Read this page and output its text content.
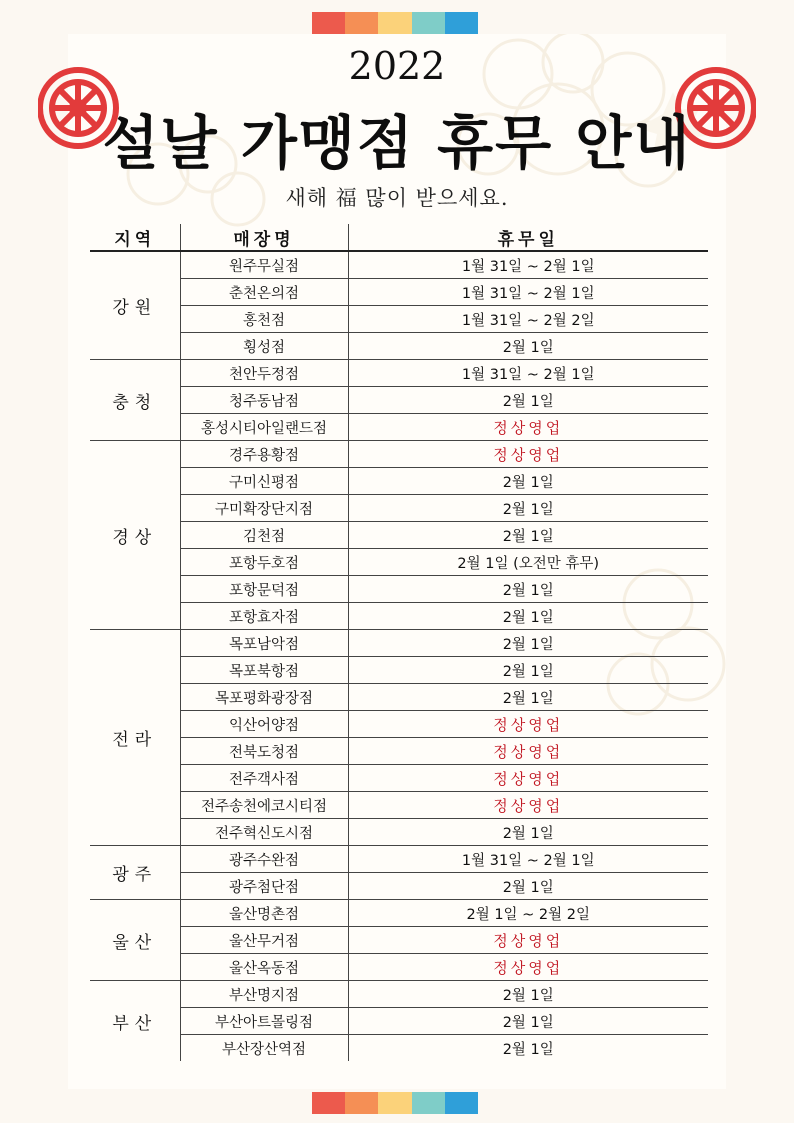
2022
설날 가맹점 휴무 안내
새해 福 많이 받으세요.
지역	매장명	휴무일
강원	원주무실점	1월 31일 ~ 2월 1일
	춘천온의점	1월 31일 ~ 2월 1일
	홍천점	1월 31일 ~ 2월 2일
	횡성점	2월 1일
충청	천안두정점	1월 31일 ~ 2월 1일
	청주동남점	2월 1일
	홍성시티아일랜드점	정상영업
경상	경주용황점	정상영업
	구미신평점	2월 1일
	구미확장단지점	2월 1일
	김천점	2월 1일
	포항두호점	2월 1일 (오전만 휴무)
	포항문덕점	2월 1일
	포항효자점	2월 1일
전라	목포남악점	2월 1일
	목포북항점	2월 1일
	목포평화광장점	2월 1일
	익산어양점	정상영업
	전북도청점	정상영업
	전주객사점	정상영업
	전주송천에코시티점	정상영업
	전주혁신도시점	2월 1일
광주	광주수완점	1월 31일 ~ 2월 1일
	광주첨단점	2월 1일
울산	울산명촌점	2월 1일 ~ 2월 2일
	울산무거점	정상영업
	울산옥동점	정상영업
부산	부산명지점	2월 1일
	부산아트몰링점	2월 1일
	부산장산역점	2월 1일
